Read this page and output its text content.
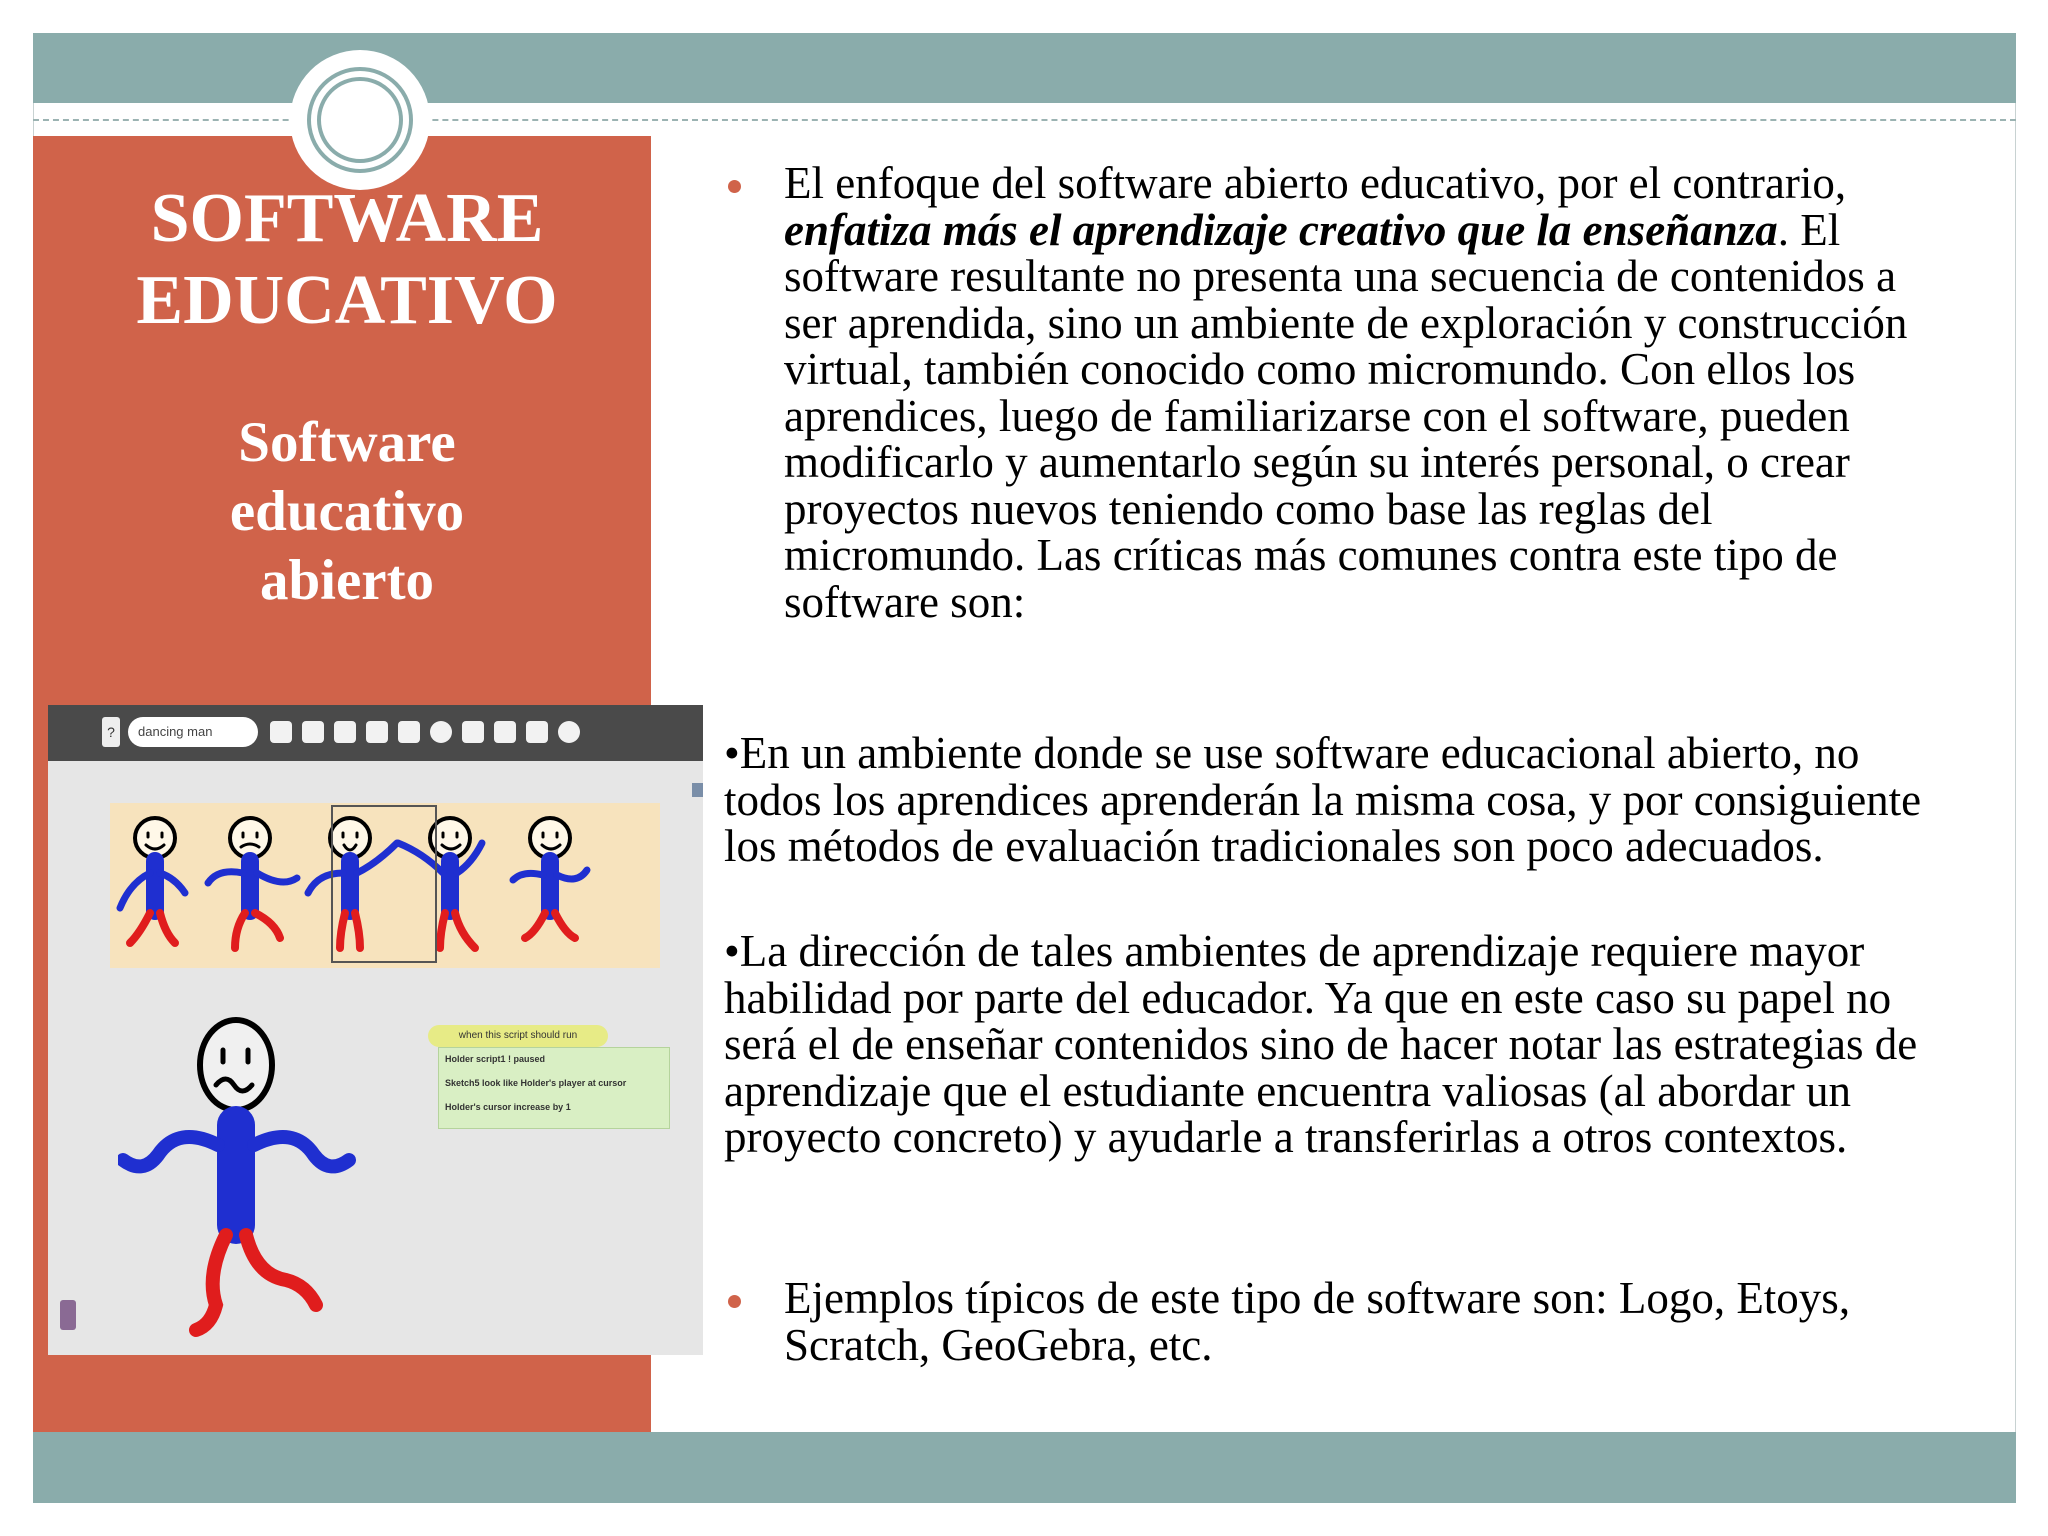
SOFTWARE
EDUCATIVO
Software
educativo
abierto
?	dancing man
when this script should run
Holder script1 ! paused
Sketch5 look like Holder's player at cursor
Holder's cursor increase by 1
El enfoque del software abierto educativo, por el contrario, enfatiza más el aprendizaje creativo que la enseñanza. El software resultante no presenta una secuencia de contenidos a ser aprendida, sino un ambiente de exploración y construcción virtual, también conocido como micromundo. Con ellos los aprendices, luego de familiarizarse con el software, pueden modificarlo y aumentarlo según su interés personal, o crear proyectos nuevos teniendo como base las reglas del micromundo. Las críticas más comunes contra este tipo de software son:
•En un ambiente donde se use software educacional abierto, no todos los aprendices aprenderán la misma cosa, y por consiguiente los métodos de evaluación tradicionales son poco adecuados.
•La dirección de tales ambientes de aprendizaje requiere mayor habilidad por parte del educador. Ya que en este caso su papel no será el de enseñar contenidos sino de hacer notar las estrategias de aprendizaje que el estudiante encuentra valiosas (al abordar un proyecto concreto) y ayudarle a transferirlas a otros contextos.
Ejemplos típicos de este tipo de software son: Logo, Etoys, Scratch, GeoGebra, etc.
